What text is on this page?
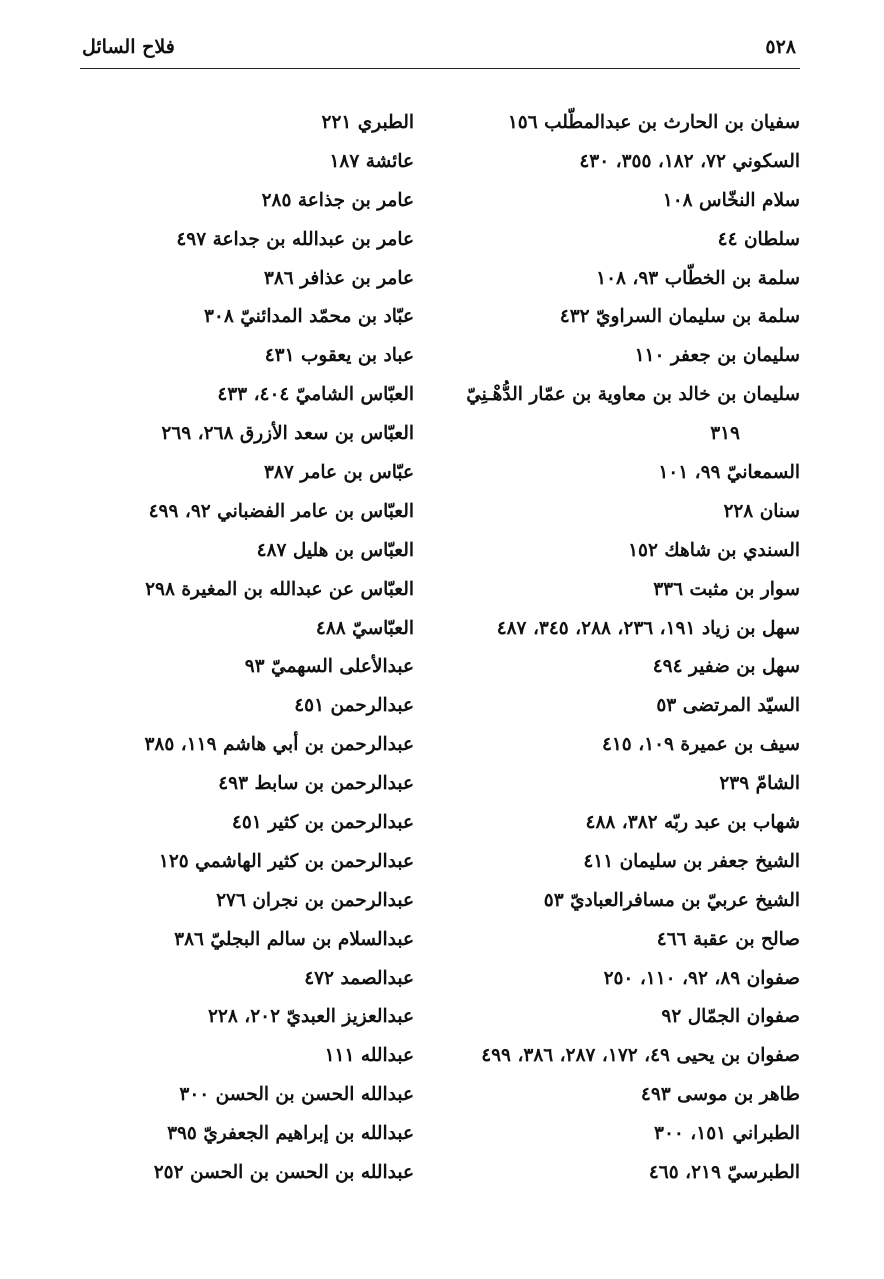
فلاح السائل	٥٢٨
سفيان بن الحارث بن عبدالمطّلب ١٥٦
السكوني ٧٢، ١٨٢، ٣٥٥، ٤٣٠
سلام النخّاس ١٠٨
سلطان ٤٤
سلمة بن الخطّاب ٩٣، ١٠٨
سلمة بن سليمان السراويّ ٤٣٢
سليمان بن جعفر ١١٠
سليمان بن خالد بن معاوية بن عمّار الدُّهْـنِيّ
٣١٩
السمعانيّ ٩٩، ١٠١
سنان ٢٢٨
السندي بن شاهك ١٥٢
سوار بن مثبت ٣٣٦
سهل بن زياد ١٩١، ٢٣٦، ٢٨٨، ٣٤٥، ٤٨٧
سهل بن ضفير ٤٩٤
السيّد المرتضى ٥٣
سيف بن عميرة ١٠٩، ٤١٥
الشامّ ٢٣٩
شهاب بن عبد ربّه ٣٨٢، ٤٨٨
الشيخ جعفر بن سليمان ٤١١
الشيخ عربيّ بن مسافرالعباديّ ٥٣
صالح بن عقبة ٤٦٦
صفوان ٨٩، ٩٢، ١١٠، ٢٥٠
صفوان الجمّال ٩٢
صفوان بن يحيى ٤٩، ١٧٢، ٢٨٧، ٣٨٦، ٤٩٩
طاهر بن موسى ٤٩٣
الطبراني ١٥١، ٣٠٠
الطبرسيّ ٢١٩، ٤٦٥
الطبري ٢٢١
عائشة ١٨٧
عامر بن جذاعة ٢٨٥
عامر بن عبدالله بن جداعة ٤٩٧
عامر بن عذافر ٣٨٦
عبّاد بن محمّد المدائنيّ ٣٠٨
عباد بن يعقوب ٤٣١
العبّاس الشاميّ ٤٠٤، ٤٣٣
العبّاس بن سعد الأزرق ٢٦٨، ٢٦٩
عبّاس بن عامر ٣٨٧
العبّاس بن عامر الفضباني ٩٢، ٤٩٩
العبّاس بن هليل ٤٨٧
العبّاس عن عبدالله بن المغيرة ٢٩٨
العبّاسيّ ٤٨٨
عبدالأعلى السهميّ ٩٣
عبدالرحمن ٤٥١
عبدالرحمن بن أبي هاشم ١١٩، ٣٨٥
عبدالرحمن بن سابط ٤٩٣
عبدالرحمن بن كثير ٤٥١
عبدالرحمن بن كثير الهاشمي ١٢٥
عبدالرحمن بن نجران ٢٧٦
عبدالسلام بن سالم البجليّ ٣٨٦
عبدالصمد ٤٧٢
عبدالعزيز العبديّ ٢٠٢، ٢٢٨
عبدالله ١١١
عبدالله الحسن بن الحسن ٣٠٠
عبدالله بن إبراهيم الجعفريّ ٣٩٥
عبدالله بن الحسن بن الحسن ٢٥٢
